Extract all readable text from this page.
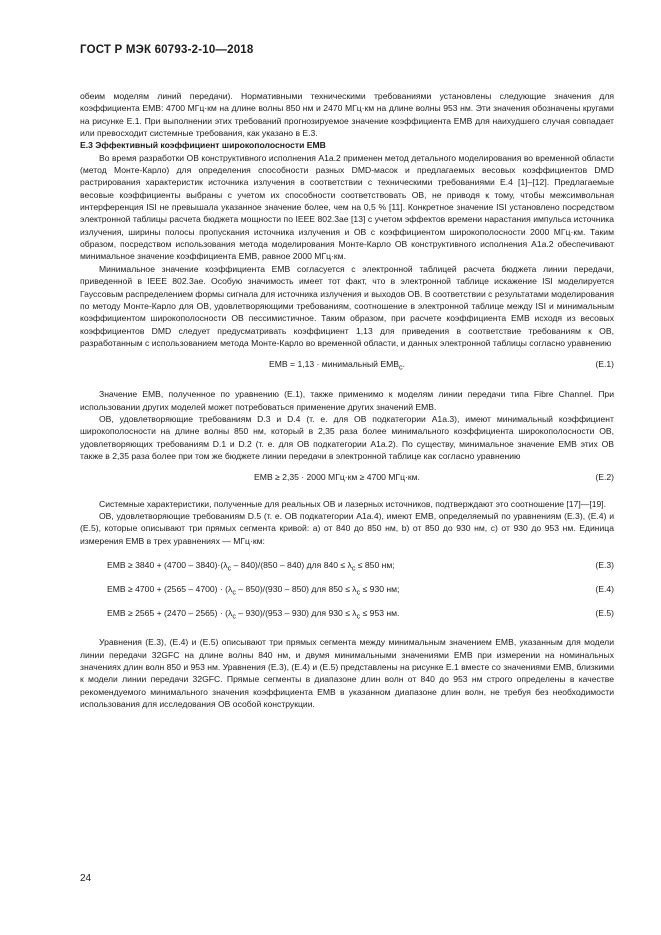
ГОСТ Р МЭК 60793-2-10—2018

обеим моделям линий передачи). Нормативными техническими требованиями установлены следующие значения для коэффициента EMB: 4700 МГц·км на длине волны 850 нм и 2470 МГц·км на длине волны 953 нм. Эти значения обозначены кругами на рисунке Е.1. При выполнении этих требований прогнозируемое значение коэффициента EMB для наихудшего случая совпадает или превосходит системные требования, как указано в Е.3.

Е.3 Эффективный коэффициент широкополосности EMB

Во время разработки ОВ конструктивного исполнения A1a.2 применен метод детального моделирования во временной области (метод Монте-Карло) для определения способности разных DMD-масок и предлагаемых весовых коэффициентов DMD растрирования характеристик источника излучения в соответствии с техническими требованиями Е.4 [1]–[12]. Предлагаемые весовые коэффициенты выбраны с учетом их способности соответствовать ОВ, не приводя к тому, чтобы межсимвольная интерференция ISI не превышала указанное значение более, чем на 0,5 % [11]. Конкретное значение ISI установлено посредством электронной таблицы расчета бюджета мощности по IEEE 802.3ae [13] с учетом эффектов времени нарастания импульса источника излучения, ширины полосы пропускания источника излучения и ОВ с коэффициентом широкополосности 2000 МГц·км. Таким образом, посредством использования метода моделирования Монте-Карло ОВ конструктивного исполнения A1a.2 обеспечивают минимальное значение коэффициента EMB, равное 2000 МГц·км.

Минимальное значение коэффициента EMB согласуется с электронной таблицей расчета бюджета линии передачи, приведенной в IEEE 802.3ae. Особую значимость имеет тот факт, что в электронной таблице искажение ISI моделируется Гауссовым распределением формы сигнала для источника излучения и выходов ОВ. В соответствии с результатами моделирования по методу Монте-Карло для ОВ, удовлетворяющими требованиям, соотношение в электронной таблице между ISI и минимальным коэффициентом широкополосности ОВ пессимистичное. Таким образом, при расчете коэффициента EMB исходя из весовых коэффициентов DMD следует предусматривать коэффициент 1,13 для приведения в соответствие требованиям к ОВ, разработанным с использованием метода Монте-Карло во временной области, и данных электронной таблицы согласно уравнению

EMB = 1,13 · минимальный $EMB_c$.	(Е.1)

Значение EMB, полученное по уравнению (Е.1), также применимо к моделям линии передачи типа Fibre Channel. При использовании других моделей может потребоваться применение других значений EMB.

ОВ, удовлетворяющие требованиям D.3 и D.4 (т. е. для ОВ подкатегории A1a.3), имеют минимальный коэффициент широкополосности на длине волны 850 нм, который в 2,35 раза более минимального коэффициента широкополосности ОВ, удовлетворяющих требованиям D.1 и D.2 (т. е. для ОВ подкатегории A1a.2). По существу, минимальное значение EMB этих ОВ также в 2,35 раза более при том же бюджете линии передачи в электронной таблице как согласно уравнению

EMB ≥ 2,35 · 2000 МГц·км ≥ 4700 МГц·км.	(Е.2)

Системные характеристики, полученные для реальных ОВ и лазерных источников, подтверждают это соотношение [17]—[19].

ОВ, удовлетворяющие требованиям D.5 (т. е. ОВ подкатегории A1a.4), имеют EMB, определяемый по уравнениям (Е.3), (Е.4) и (Е.5), которые описывают три прямых сегмента кривой: а) от 840 до 850 нм, b) от 850 до 930 нм, с) от 930 до 953 нм. Единица измерения EMB в трех уравнениях — МГц·км:

EMB ≥ $3840 + (4700 - 3840)\cdot(\lambda_c - 840)/(850 - 840)$ для $840 \le \lambda_c \le 850$ нм;	(Е.3)
EMB ≥ $4700 + (2565 - 4700) \cdot (\lambda_c - 850)/(930 - 850)$ для $850 \le \lambda_c \le 930$ нм;	(Е.4)
EMB ≥ $2565 + (2470 - 2565) \cdot (\lambda_c - 930)/(953 - 930)$ для $930 \le \lambda_c \le 953$ нм.	(Е.5)

Уравнения (Е.3), (Е.4) и (Е.5) описывают три прямых сегмента между минимальным значением EMB, указанным для модели линии передачи 32GFC на длине волны 840 нм, и двумя минимальными значениями EMB при измерении на номинальных значениях длин волн 850 и 953 нм. Уравнения (Е.3), (Е.4) и (Е.5) представлены на рисунке Е.1 вместе со значениями EMB, близкими к модели линии передачи 32GFC. Прямые сегменты в диапазоне длин волн от 840 до 953 нм строго определены в качестве рекомендуемого минимального значения коэффициента EMB в указанном диапазоне длин волн, не требуя без необходимости использования для исследования ОВ особой конструкции.

24
